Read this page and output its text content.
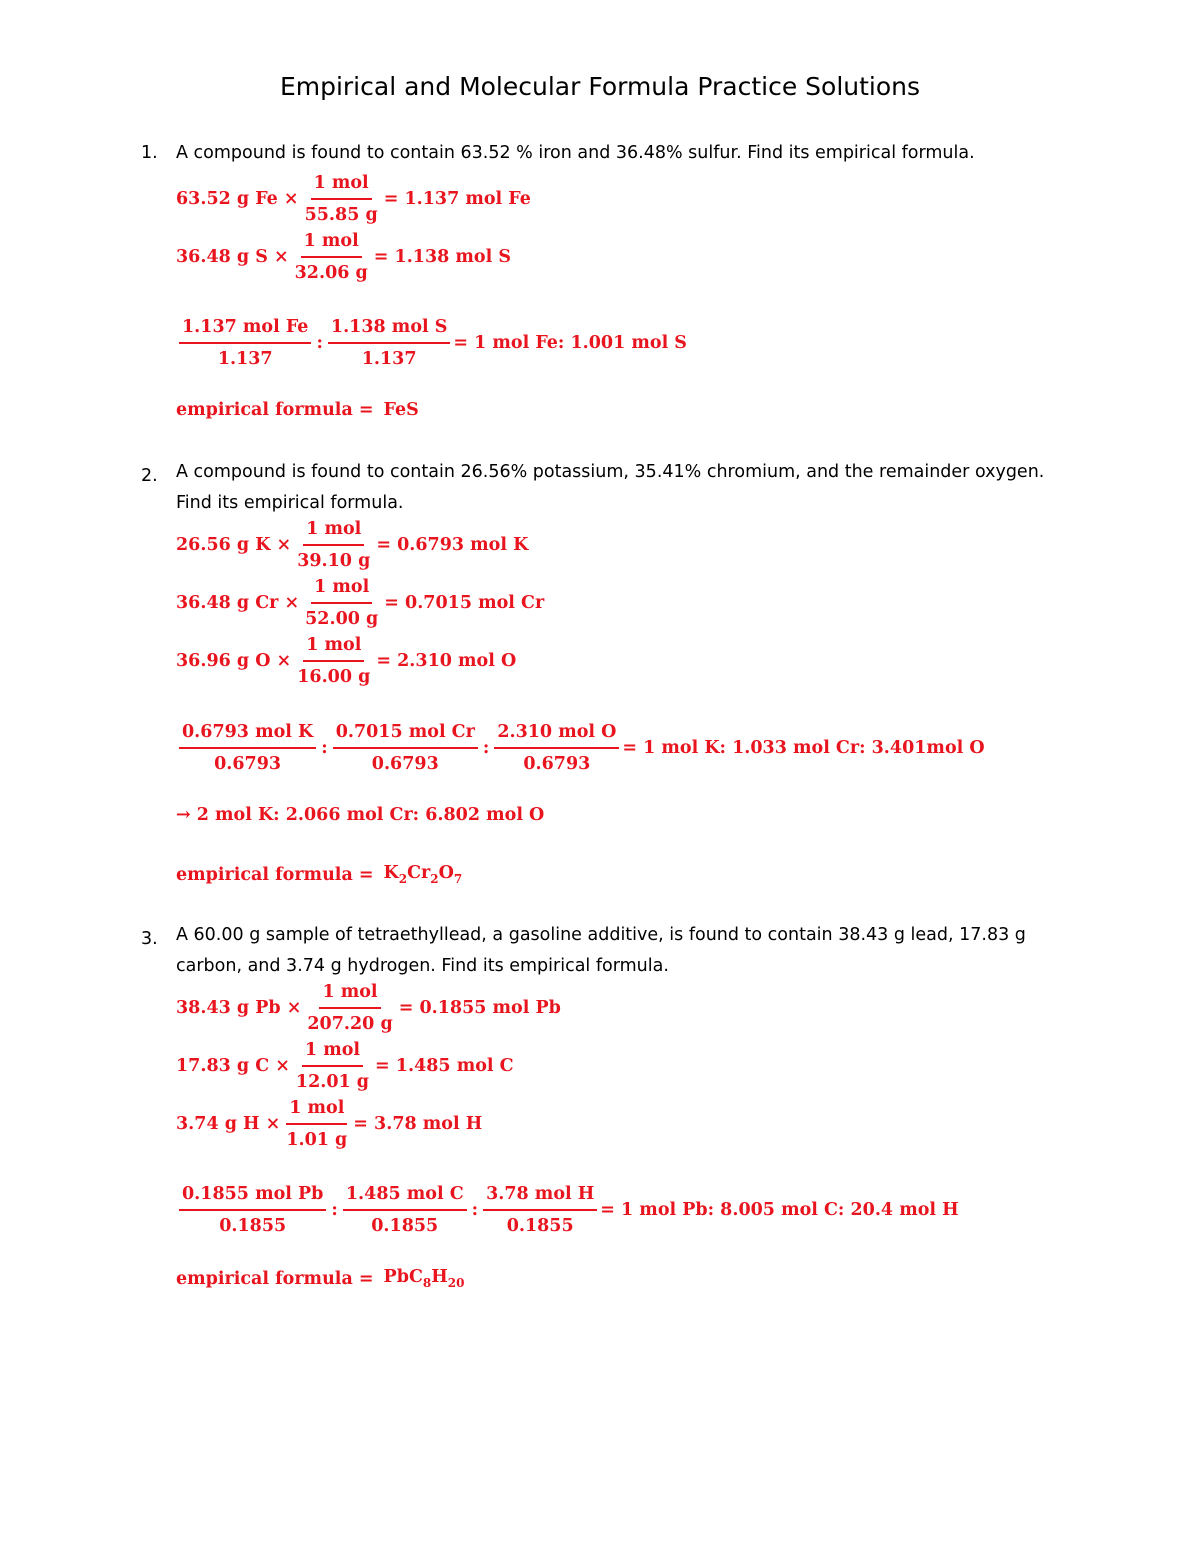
Empirical and Molecular Formula Practice Solutions
1. A compound is found to contain 63.52 % iron and 36.48% sulfur. Find its empirical formula.
63.52 g $Fe \times \frac{\text{1 mol}}{55.85 g} = 1.137$ mol Fe
36.48 g $S \times \frac{\text{1 mol}}{32.06 g} = 1.138$ mol S
$\frac{\text{1.137 mol Fe}}{1.137}$ : $\frac{\text{1.138 mol S}}{1.137} = 1$ mol Fe: 1.001 mol S
empirical formula = FeS
2. A compound is found to contain 26.56% potassium, 35.41% chromium, and the remainder oxygen.
Find its empirical formula.
26.56 g $K \times \frac{\text{1 mol}}{39.10 g} = 0.6793$ mol K
36.48 g $Cr \times \frac{\text{1 mol}}{52.00 g} = 0.7015$ mol Cr
36.96 g $O \times \frac{\text{1 mol}}{16.00 g} = 2.310$ mol O
$\frac{\text{0.6793 mol K}}{0.6793}$ : $\frac{\text{0.7015 mol Cr}}{0.6793}$ : $\frac{\text{2.310 mol O}}{0.6793} = 1$ mol K: 1.033 mol Cr: 3.401mol O
→ 2 mol K: 2.066 mol Cr: 6.802 mol O
empirical formula = $K_2Cr_2O_7$
3. A 60.00 g sample of tetraethyllead, a gasoline additive, is found to contain 38.43 g lead, 17.83 g
carbon, and 3.74 g hydrogen. Find its empirical formula.
38.43 g $Pb \times \frac{\text{1 mol}}{207.20 g} = 0.1855$ mol Pb
17.83 g $C \times \frac{\text{1 mol}}{12.01 g} = 1.485$ mol C
3.74 g $H \times \frac{\text{1 mol}}{1.01 g} = 3.78$ mol H
$\frac{\text{0.1855 mol Pb}}{0.1855}$ : $\frac{\text{1.485 mol C}}{0.1855}$ : $\frac{\text{3.78 mol H}}{0.1855} = 1$ mol Pb: 8.005 mol C: 20.4 mol H
empirical formula = $PbC_8H_{20}$
